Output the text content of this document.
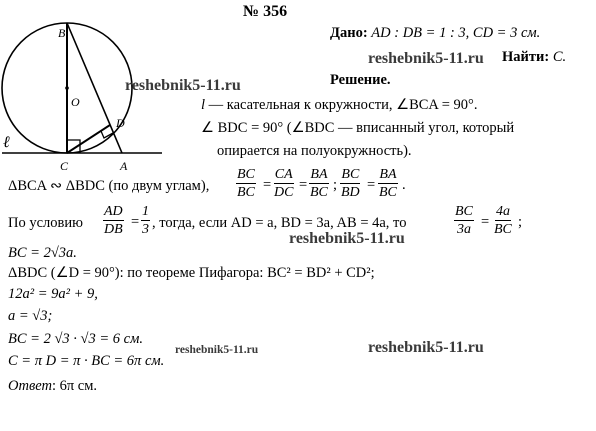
B
O
D
C	A
ℓ
№ 356
Дано: AD : DB = 1 : 3, CD = 3 см.
Найти: C.
Решение.
reshebnik5-11.ru
reshebnik5-11.ru
reshebnik5-11.ru
reshebnik5-11.ru	reshebnik5-11.ru
l — касательная к окружности, ∠BCA = 90°.
∠ BDC = 90° (∠BDC — вписанный угол, который
опирается на полуокружность).
ΔBCA ∾ ΔBDC (по двум углам), $\frac{BC}{BC} = \frac{CA}{DC} = \frac{BA}{BC}$ ; $\frac{BC}{BD} = \frac{BA}{BC}$ .
По условию $\frac{AD}{DB} = \frac{1}{3}$ , тогда, если AD = a, BD = 3a, AB = 4a, то	$\frac{BC}{3a} = \frac{4a}{BC}$ ;
BC = 2√3a.
ΔBDC (∠D = 90°): по теореме Пифагора: BC² = BD² + CD²;
12a² = 9a² + 9,
a = √3;
BC = 2 √3 · √3 = 6 см.
C = π D = π · BC = 6π см.
Ответ: 6π см.
